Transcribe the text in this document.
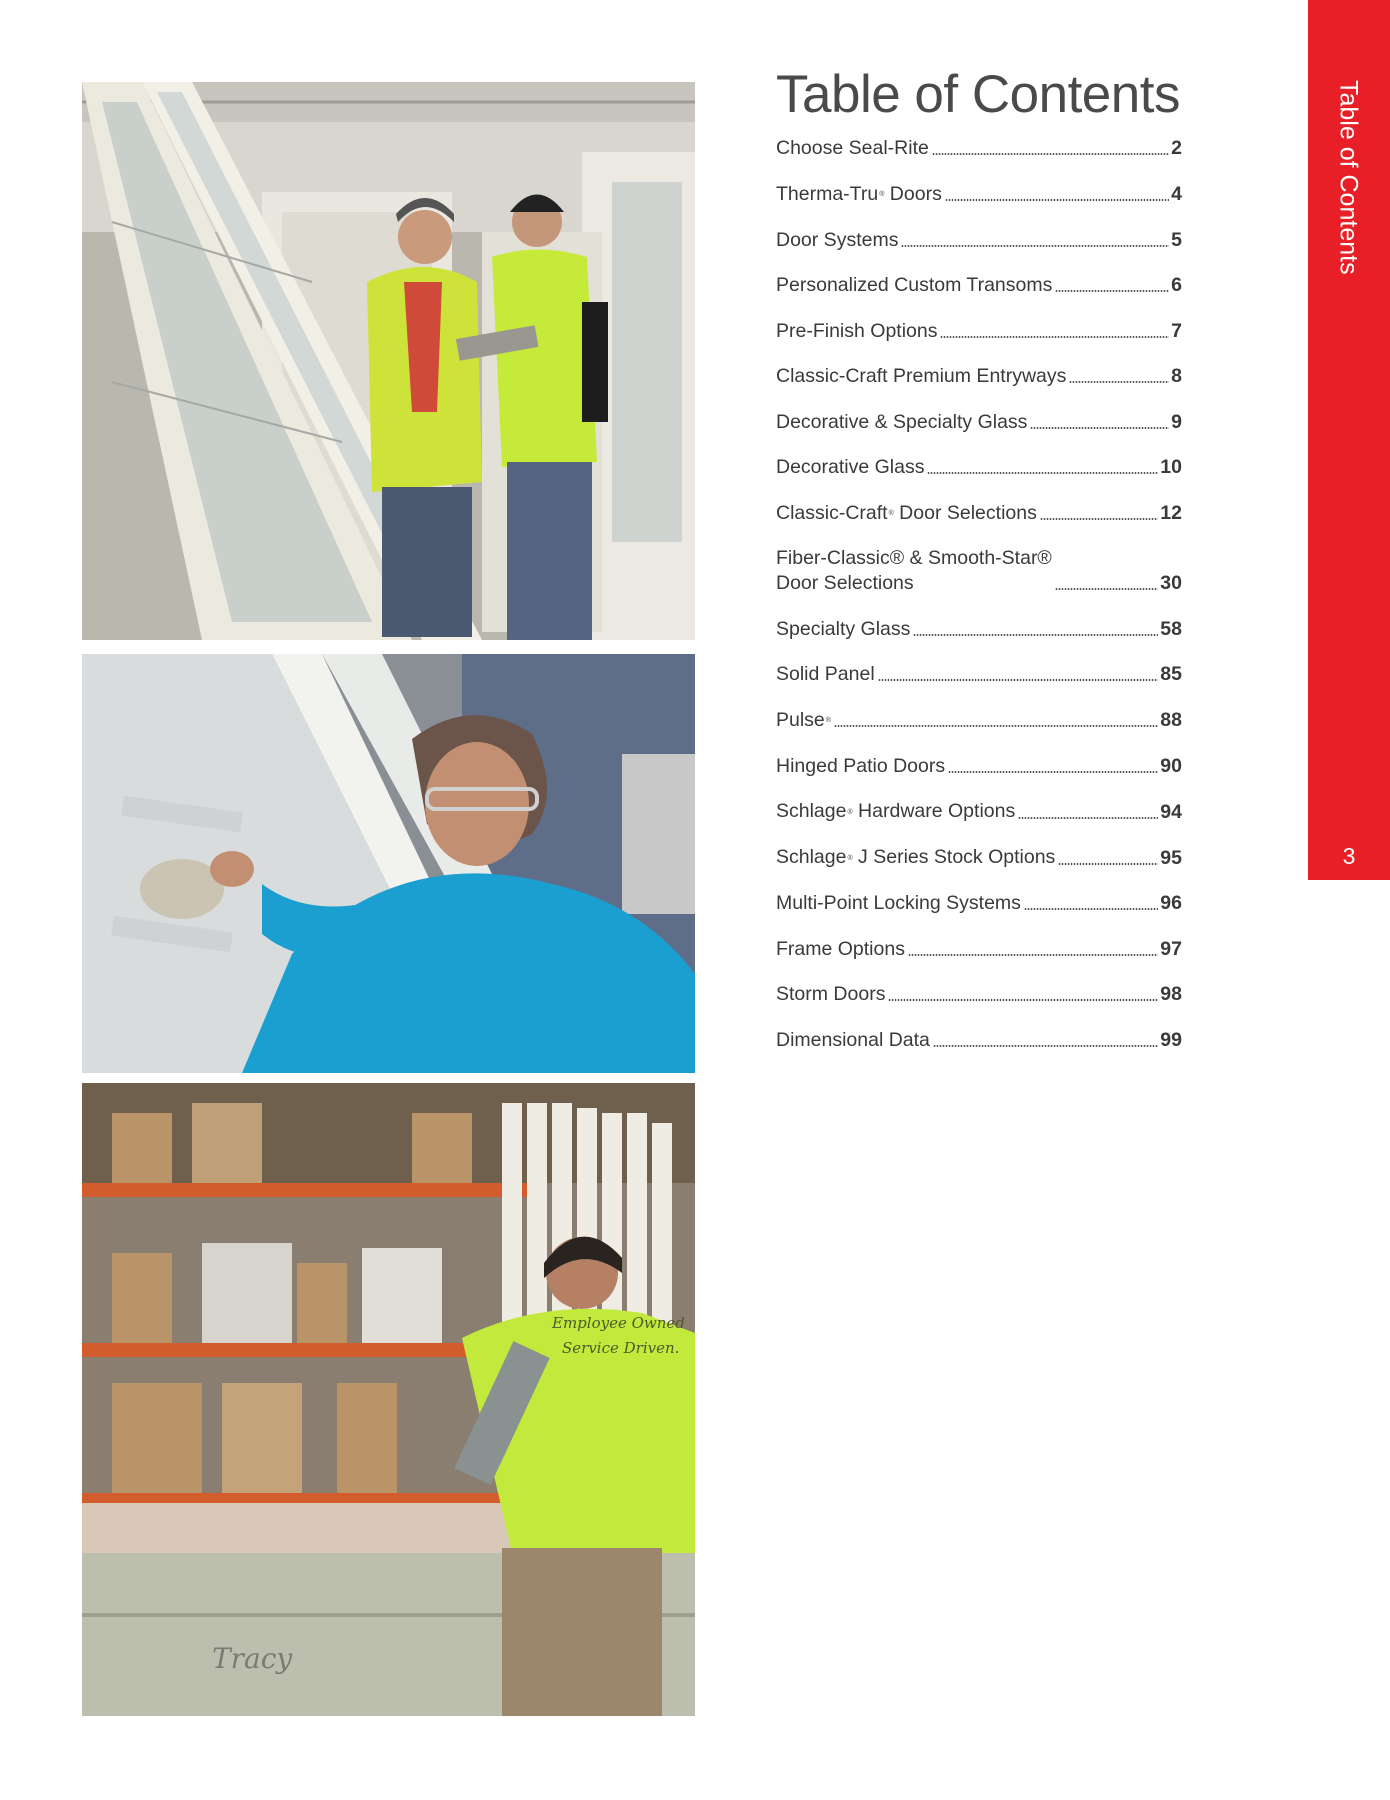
Employee Owned
Service Driven.
Tracy
Table of Contents
Choose Seal-Rite	2
Therma-Tru® Doors	4
Door Systems	5
Personalized Custom Transoms	6
Pre-Finish Options	7
Classic-Craft Premium Entryways	8
Decorative & Specialty Glass	9
Decorative Glass	10
Classic-Craft® Door Selections	12
Fiber-Classic® & Smooth-Star®
Door Selections	30
Specialty Glass	58
Solid Panel	85
Pulse®	88
Hinged Patio Doors	90
Schlage® Hardware Options	94
Schlage® J Series Stock Options	95
Multi-Point Locking Systems	96
Frame Options	97
Storm Doors	98
Dimensional Data	99
Table of Contents
3
